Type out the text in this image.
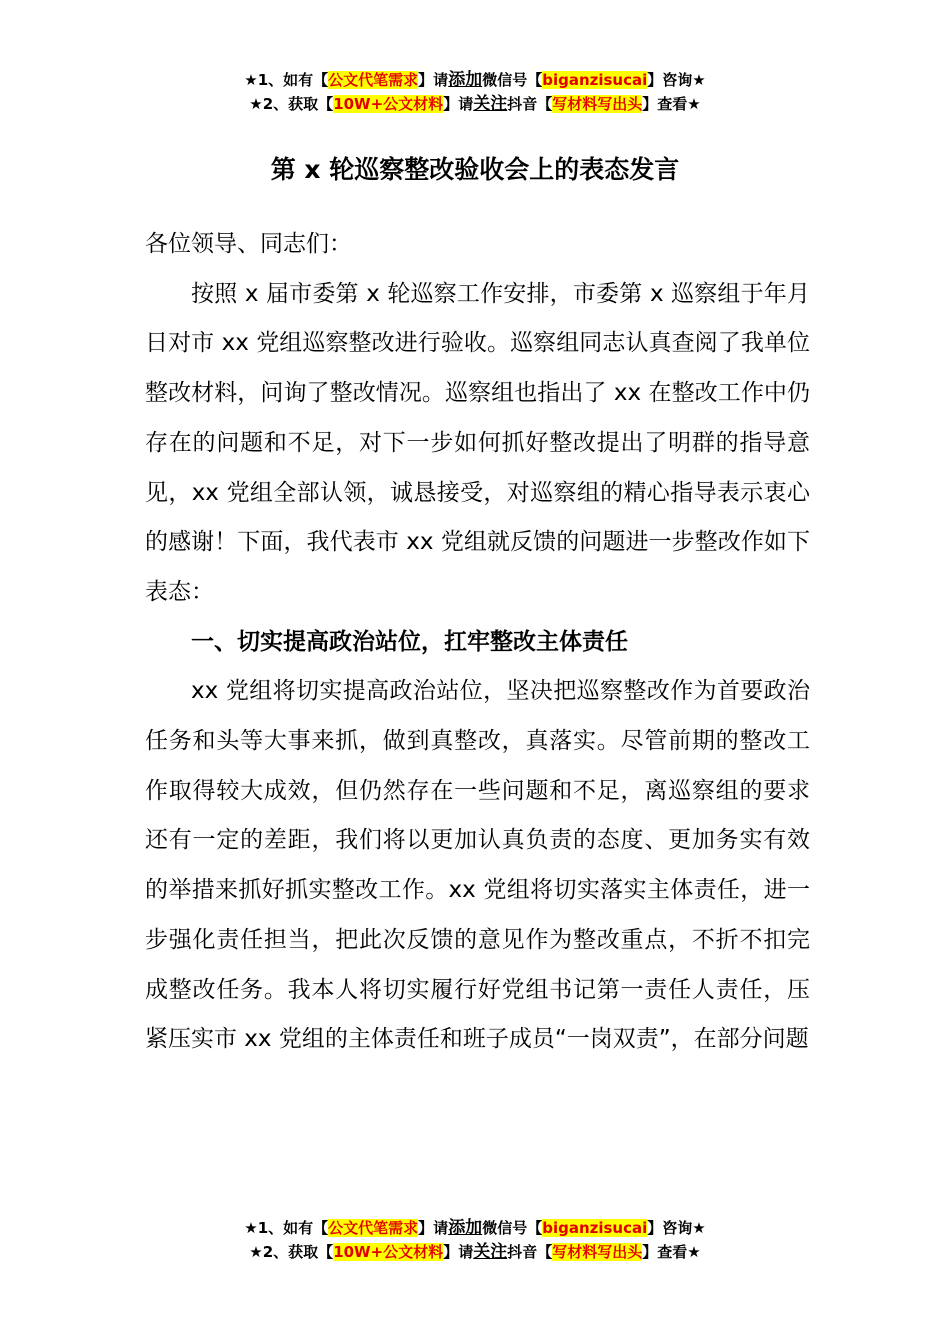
★1、如有【公文代笔需求】请添加微信号【biganzisucai】咨询★
★2、获取【10W+公文材料】请关注抖音【写材料写出头】查看★
第 x 轮巡察整改验收会上的表态发言

各位领导、同志们：

按照 x 届市委第 x 轮巡察工作安排，市委第 x 巡察组于年月日对市 xx 党组巡察整改进行验收。巡察组同志认真查阅了我单位整改材料，问询了整改情况。巡察组也指出了 xx 在整改工作中仍存在的问题和不足，对下一步如何抓好整改提出了明群的指导意见，xx 党组全部认领，诚恳接受，对巡察组的精心指导表示衷心的感谢！下面，我代表市 xx 党组就反馈的问题进一步整改作如下表态：

一、切实提高政治站位，扛牢整改主体责任

xx 党组将切实提高政治站位，坚决把巡察整改作为首要政治任务和头等大事来抓，做到真整改，真落实。尽管前期的整改工作取得较大成效，但仍然存在一些问题和不足，离巡察组的要求还有一定的差距，我们将以更加认真负责的态度、更加务实有效的举措来抓好抓实整改工作。xx 党组将切实落实主体责任，进一步强化责任担当，把此次反馈的意见作为整改重点，不折不扣完成整改任务。我本人将切实履行好党组书记第一责任人责任，压紧压实市 xx 党组的主体责任和班子成员“一岗双责”，在部分问题

★1、如有【公文代笔需求】请添加微信号【biganzisucai】咨询★
★2、获取【10W+公文材料】请关注抖音【写材料写出头】查看★
